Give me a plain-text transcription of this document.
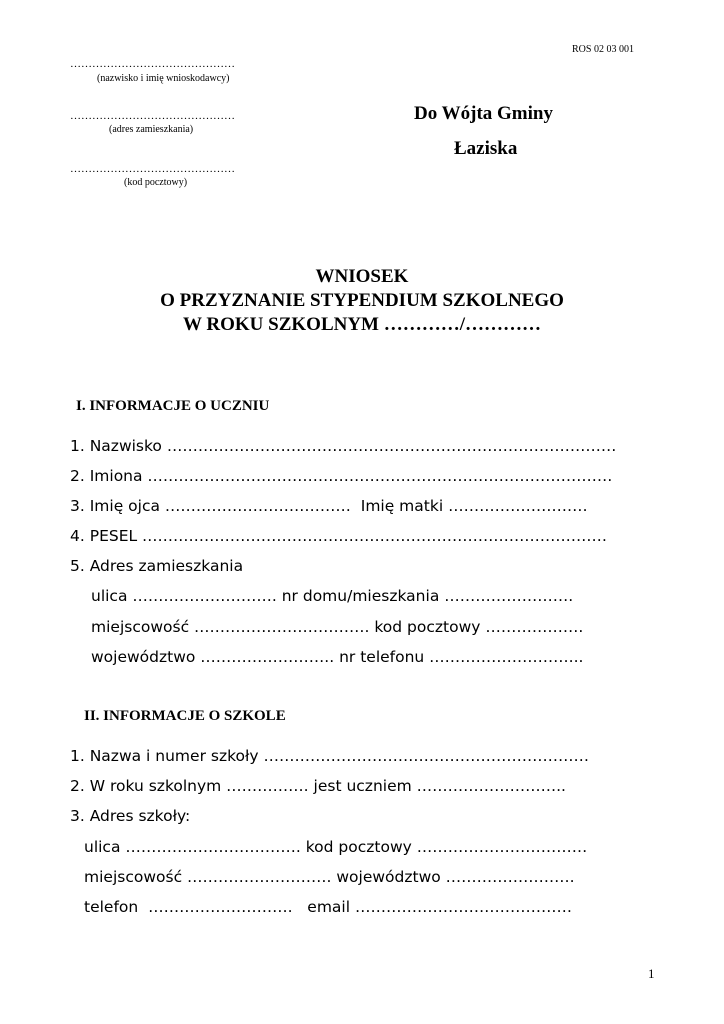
ROS 02 03 001
………………………………………
(nazwisko i imię wnioskodawcy)
………………………………………
(adres zamieszkania)
………………………………………
(kod pocztowy)
Do Wójta Gminy
Łaziska
WNIOSEK
O PRZYZNANIE STYPENDIUM SZKOLNEGO
W ROKU SZKOLNYM …………/…………
I. INFORMACJE O UCZNIU
1. Nazwisko ……………………………………………………………………………
2. Imiona ………………………………………………………………………………
3. Imię ojca ………………………………  Imię matki ………………………
4. PESEL ………………………………………………………………………………
5. Adres zamieszkania
ulica ………………………. nr domu/mieszkania …………………….
miejscowość ……………………………. kod pocztowy ……………….
województwo …………………….. nr telefonu ………………………...
II. INFORMACJE O SZKOLE
1. Nazwa i numer szkoły ………………………………………………………
2. W roku szkolnym ……………. jest uczniem ………………………..
3. Adres szkoły:
ulica ……………………………. kod pocztowy ……………………………
miejscowość ………………………. województwo …………………….
telefon  ……………………….   email ……………………………………
1
